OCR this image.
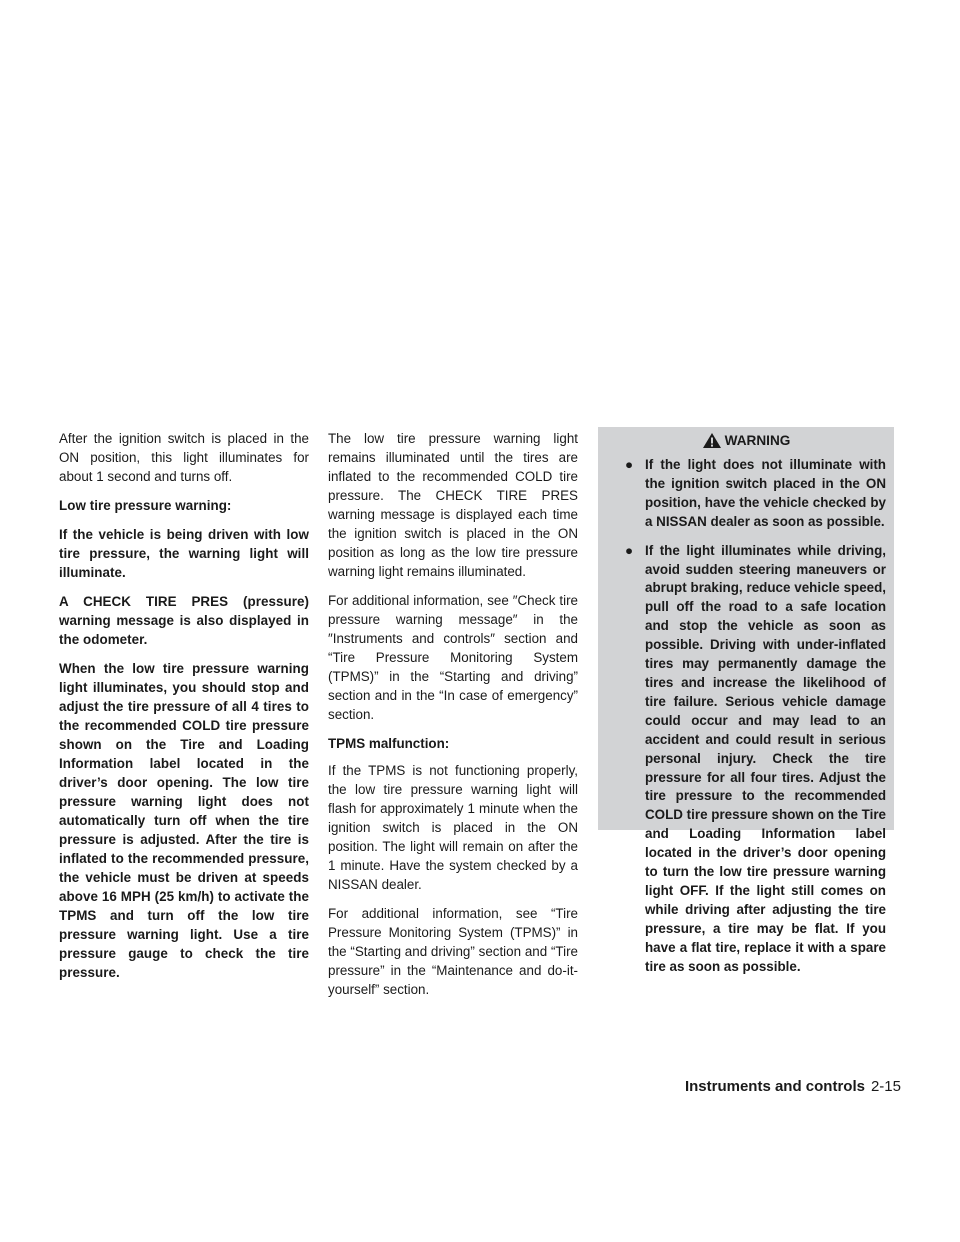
After the ignition switch is placed in the ON position, this light illuminates for about 1 second and turns off.

Low tire pressure warning:

If the vehicle is being driven with low tire pressure, the warning light will illuminate.

A CHECK TIRE PRES (pressure) warning message is also displayed in the odometer.

When the low tire pressure warning light illuminates, you should stop and adjust the tire pressure of all 4 tires to the recommended COLD tire pressure shown on the Tire and Loading Information label located in the driver’s door opening. The low tire pressure warning light does not automatically turn off when the tire pressure is adjusted. After the tire is inflated to the recommended pressure, the vehicle must be driven at speeds above 16 MPH (25 km/h) to activate the TPMS and turn off the low tire pressure warning light. Use a tire pressure gauge to check the tire pressure.

The low tire pressure warning light remains illuminated until the tires are inflated to the recommended COLD tire pressure. The CHECK TIRE PRES warning message is displayed each time the ignition switch is placed in the ON position as long as the low tire pressure warning light remains illuminated.

For additional information, see ″Check tire pressure warning message″ in the ″Instruments and controls″ section and “Tire Pressure Monitoring System (TPMS)” in the “Starting and driving” section and in the “In case of emergency” section.

TPMS malfunction:

If the TPMS is not functioning properly, the low tire pressure warning light will flash for approximately 1 minute when the ignition switch is placed in the ON position. The light will remain on after the 1 minute. Have the system checked by a NISSAN dealer.

For additional information, see “Tire Pressure Monitoring System (TPMS)” in the “Starting and driving” section and “Tire pressure” in the “Maintenance and do-it-yourself” section.

WARNING
● If the light does not illuminate with the ignition switch placed in the ON position, have the vehicle checked by a NISSAN dealer as soon as possible.
● If the light illuminates while driving, avoid sudden steering maneuvers or abrupt braking, reduce vehicle speed, pull off the road to a safe location and stop the vehicle as soon as possible. Driving with under-inflated tires may permanently damage the tires and increase the likelihood of tire failure. Serious vehicle damage could occur and may lead to an accident and could result in serious personal injury. Check the tire pressure for all four tires. Adjust the tire pressure to the recommended COLD tire pressure shown on the Tire and Loading Information label located in the driver’s door opening to turn the low tire pressure warning light OFF. If the light still comes on while driving after adjusting the tire pressure, a tire may be flat. If you have a flat tire, replace it with a spare tire as soon as possible.
Instruments and controls 2-15
